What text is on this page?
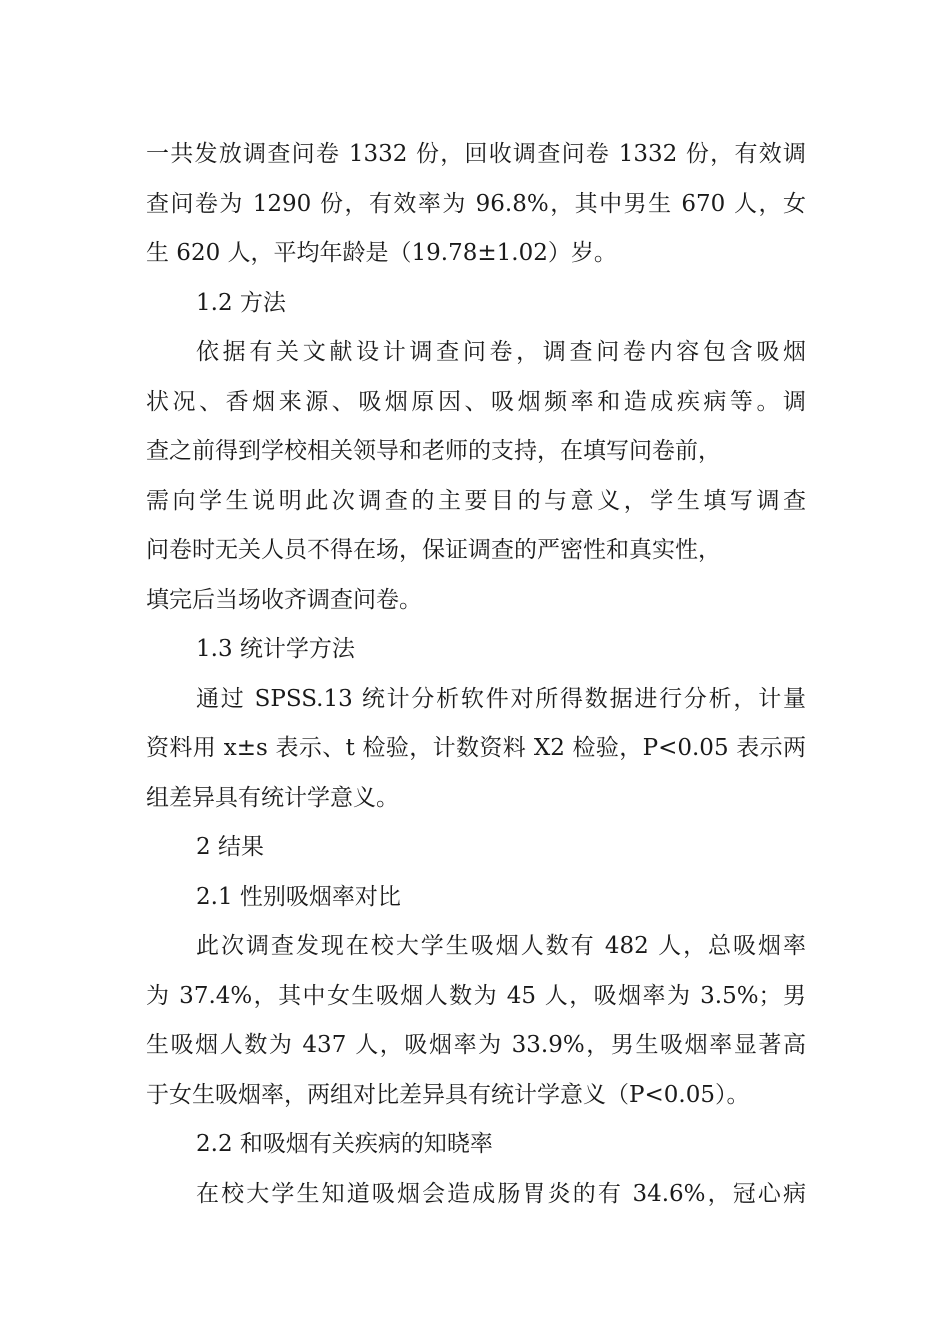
一共发放调查问卷 1332 份，回收调查问卷 1332 份，有效调
查问卷为 1290 份，有效率为 96.8%，其中男生 670 人，女
生 620 人，平均年龄是（19.78±1.02）岁。
1.2 方法
依据有关文献设计调查问卷，调查问卷内容包含吸烟
状况、香烟来源、吸烟原因、吸烟频率和造成疾病等。调
查之前得到学校相关领导和老师的支持，在填写问卷前，
需向学生说明此次调查的主要目的与意义，学生填写调查
问卷时无关人员不得在场，保证调查的严密性和真实性，
填完后当场收齐调查问卷。
1.3 统计学方法
通过 SPSS.13 统计分析软件对所得数据进行分析，计量
资料用 x±s 表示、t 检验，计数资料 X2 检验，P<0.05 表示两
组差异具有统计学意义。
2 结果
2.1 性别吸烟率对比
此次调查发现在校大学生吸烟人数有 482 人，总吸烟率
为 37.4%，其中女生吸烟人数为 45 人，吸烟率为 3.5%；男
生吸烟人数为 437 人，吸烟率为 33.9%，男生吸烟率显著高
于女生吸烟率，两组对比差异具有统计学意义（P<0.05）。
2.2 和吸烟有关疾病的知晓率
在校大学生知道吸烟会造成肠胃炎的有 34.6%，冠心病
